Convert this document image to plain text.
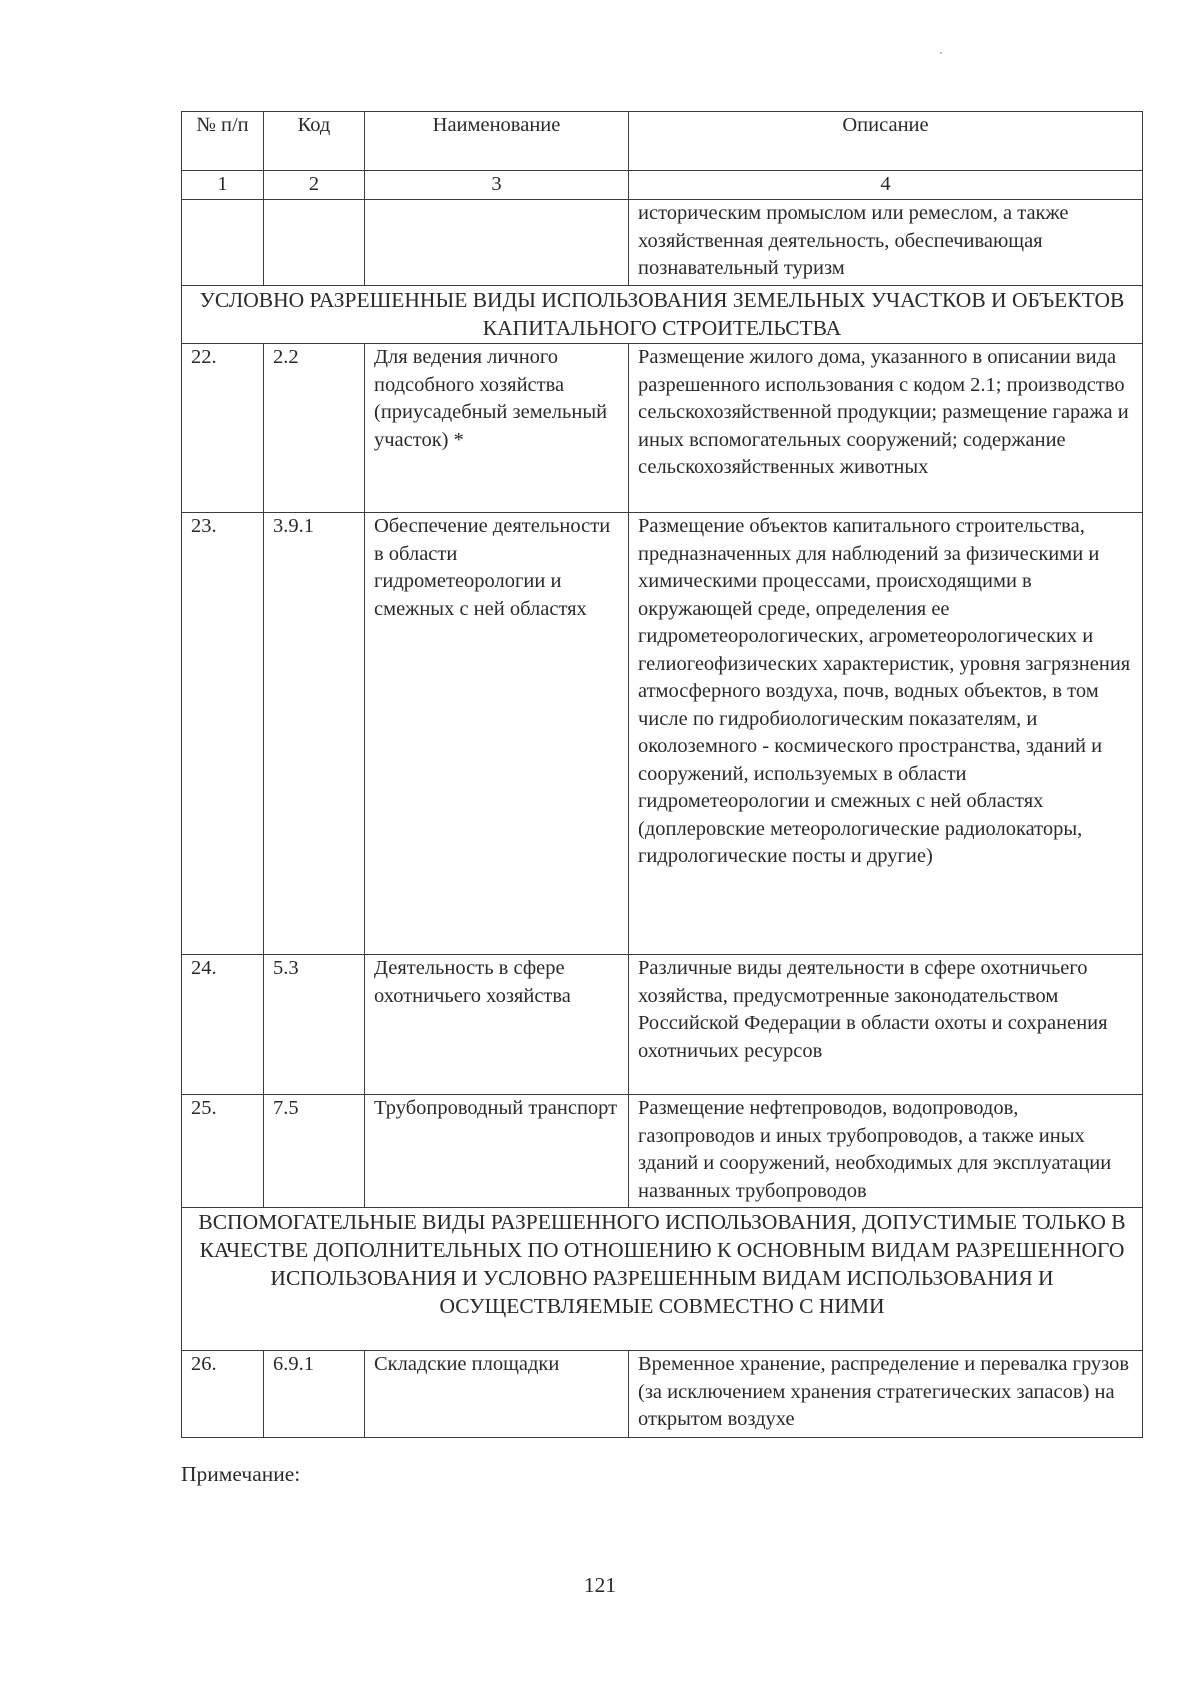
№ п/п	Код	Наименование	Описание
1	2	3	4
			историческим промыслом или ремеслом, а также хозяйственная деятельность, обеспечивающая познавательный туризм
УСЛОВНО РАЗРЕШЕННЫЕ ВИДЫ ИСПОЛЬЗОВАНИЯ ЗЕМЕЛЬНЫХ УЧАСТКОВ И ОБЪЕКТОВ КАПИТАЛЬНОГО СТРОИТЕЛЬСТВА			
22.	2.2	Для ведения личного подсобного хозяйства (приусадебный земельный участок) *	Размещение жилого дома, указанного в описании вида разрешенного использования с кодом 2.1; производство сельскохозяйственной продукции; размещение гаража и иных вспомогательных сооружений; содержание сельскохозяйственных животных
23.	3.9.1	Обеспечение деятельности в области гидрометеорологии и смежных с ней областях	Размещение объектов капитального строительства, предназначенных для наблюдений за физическими и химическими процессами, происходящими в окружающей среде, определения ее гидрометеорологических, агрометеорологических и гелиогеофизических характеристик, уровня загрязнения атмосферного воздуха, почв, водных объектов, в том числе по гидробиологическим показателям, и околоземного - космического пространства, зданий и сооружений, используемых в области гидрометеорологии и смежных с ней областях (доплеровские метеорологические радиолокаторы, гидрологические посты и другие)
24.	5.3	Деятельность в сфере охотничьего хозяйства	Различные виды деятельности в сфере охотничьего хозяйства, предусмотренные законодательством Российской Федерации в области охоты и сохранения охотничьих ресурсов
25.	7.5	Трубопроводный транспорт	Размещение нефтепроводов, водопроводов, газопроводов и иных трубопроводов, а также иных зданий и сооружений, необходимых для эксплуатации названных трубопроводов
ВСПОМОГАТЕЛЬНЫЕ ВИДЫ РАЗРЕШЕННОГО ИСПОЛЬЗОВАНИЯ, ДОПУСТИМЫЕ ТОЛЬКО В КАЧЕСТВЕ ДОПОЛНИТЕЛЬНЫХ ПО ОТНОШЕНИЮ К ОСНОВНЫМ ВИДАМ РАЗРЕШЕННОГО ИСПОЛЬЗОВАНИЯ И УСЛОВНО РАЗРЕШЕННЫМ ВИДАМ ИСПОЛЬЗОВАНИЯ И ОСУЩЕСТВЛЯЕМЫЕ СОВМЕСТНО С НИМИ			
26.	6.9.1	Складские площадки	Временное хранение, распределение и перевалка грузов (за исключением хранения стратегических запасов) на открытом воздухе
Примечание:
121
